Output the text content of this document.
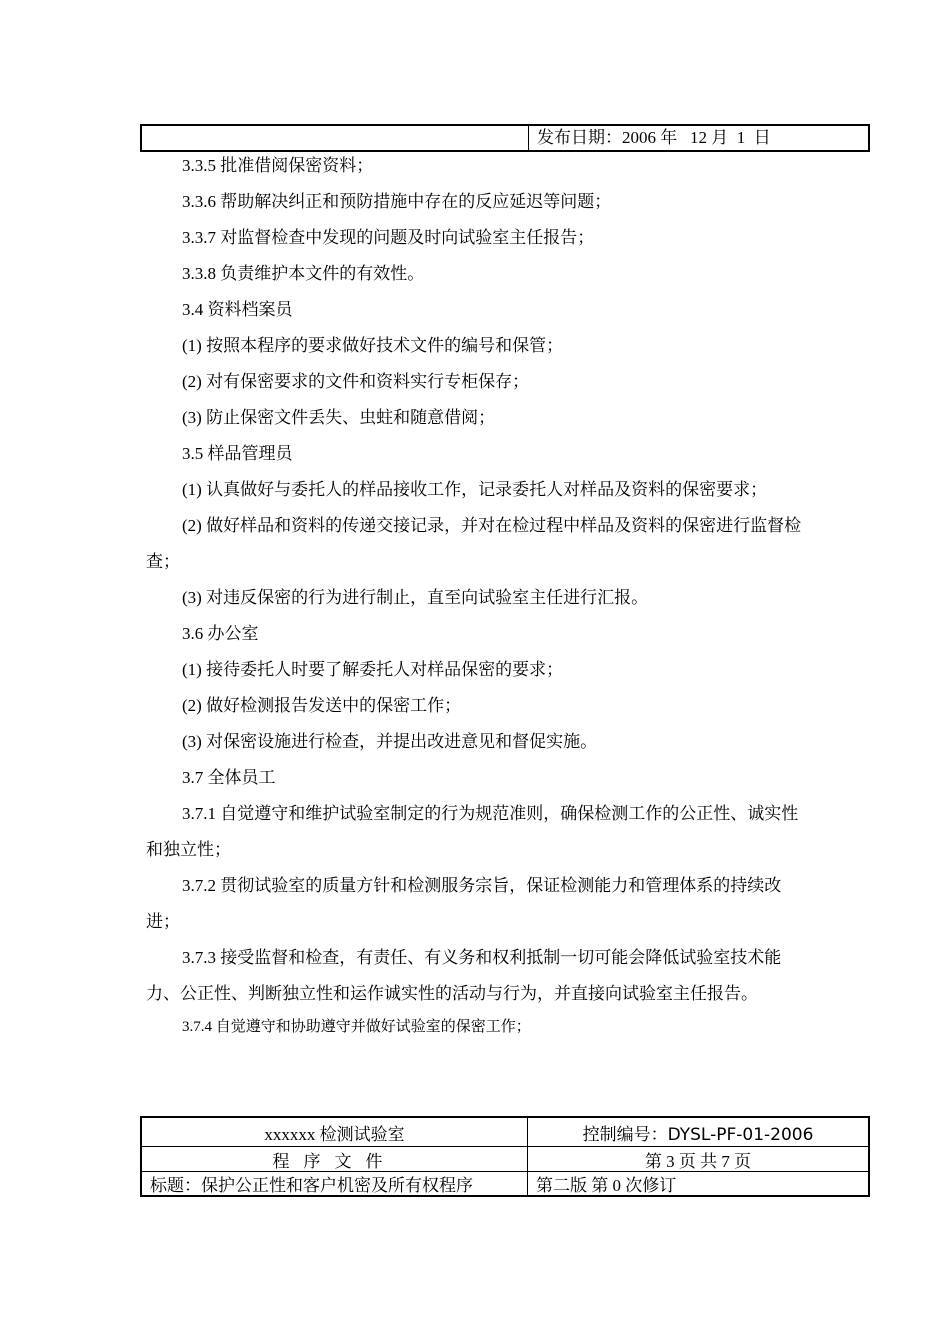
发布日期：2006 年   12 月  1  日

3.3.5 批准借阅保密资料；

3.3.6 帮助解决纠正和预防措施中存在的反应延迟等问题；

3.3.7 对监督检查中发现的问题及时向试验室主任报告；

3.3.8 负责维护本文件的有效性。

3.4 资料档案员

(1) 按照本程序的要求做好技术文件的编号和保管；

(2) 对有保密要求的文件和资料实行专柜保存；

(3) 防止保密文件丢失、虫蛀和随意借阅；

3.5 样品管理员

(1) 认真做好与委托人的样品接收工作，记录委托人对样品及资料的保密要求；

(2) 做好样品和资料的传递交接记录，并对在检过程中样品及资料的保密进行监督检查；

(3) 对违反保密的行为进行制止，直至向试验室主任进行汇报。

3.6 办公室

(1) 接待委托人时要了解委托人对样品保密的要求；

(2) 做好检测报告发送中的保密工作；

(3) 对保密设施进行检查，并提出改进意见和督促实施。

3.7 全体员工

3.7.1 自觉遵守和维护试验室制定的行为规范准则，确保检测工作的公正性、诚实性和独立性；

3.7.2 贯彻试验室的质量方针和检测服务宗旨，保证检测能力和管理体系的持续改进；

3.7.3 接受监督和检查，有责任、有义务和权利抵制一切可能会降低试验室技术能力、公正性、判断独立性和运作诚实性的活动与行为，并直接向试验室主任报告。

3.7.4 自觉遵守和协助遵守并做好试验室的保密工作；

xxxxxx 检测试验室	控制编号：DYSL-PF-01-2006
程序文件	第 3 页 共 7 页
标题：保护公正性和客户机密及所有权程序	第二版 第 0 次修订
